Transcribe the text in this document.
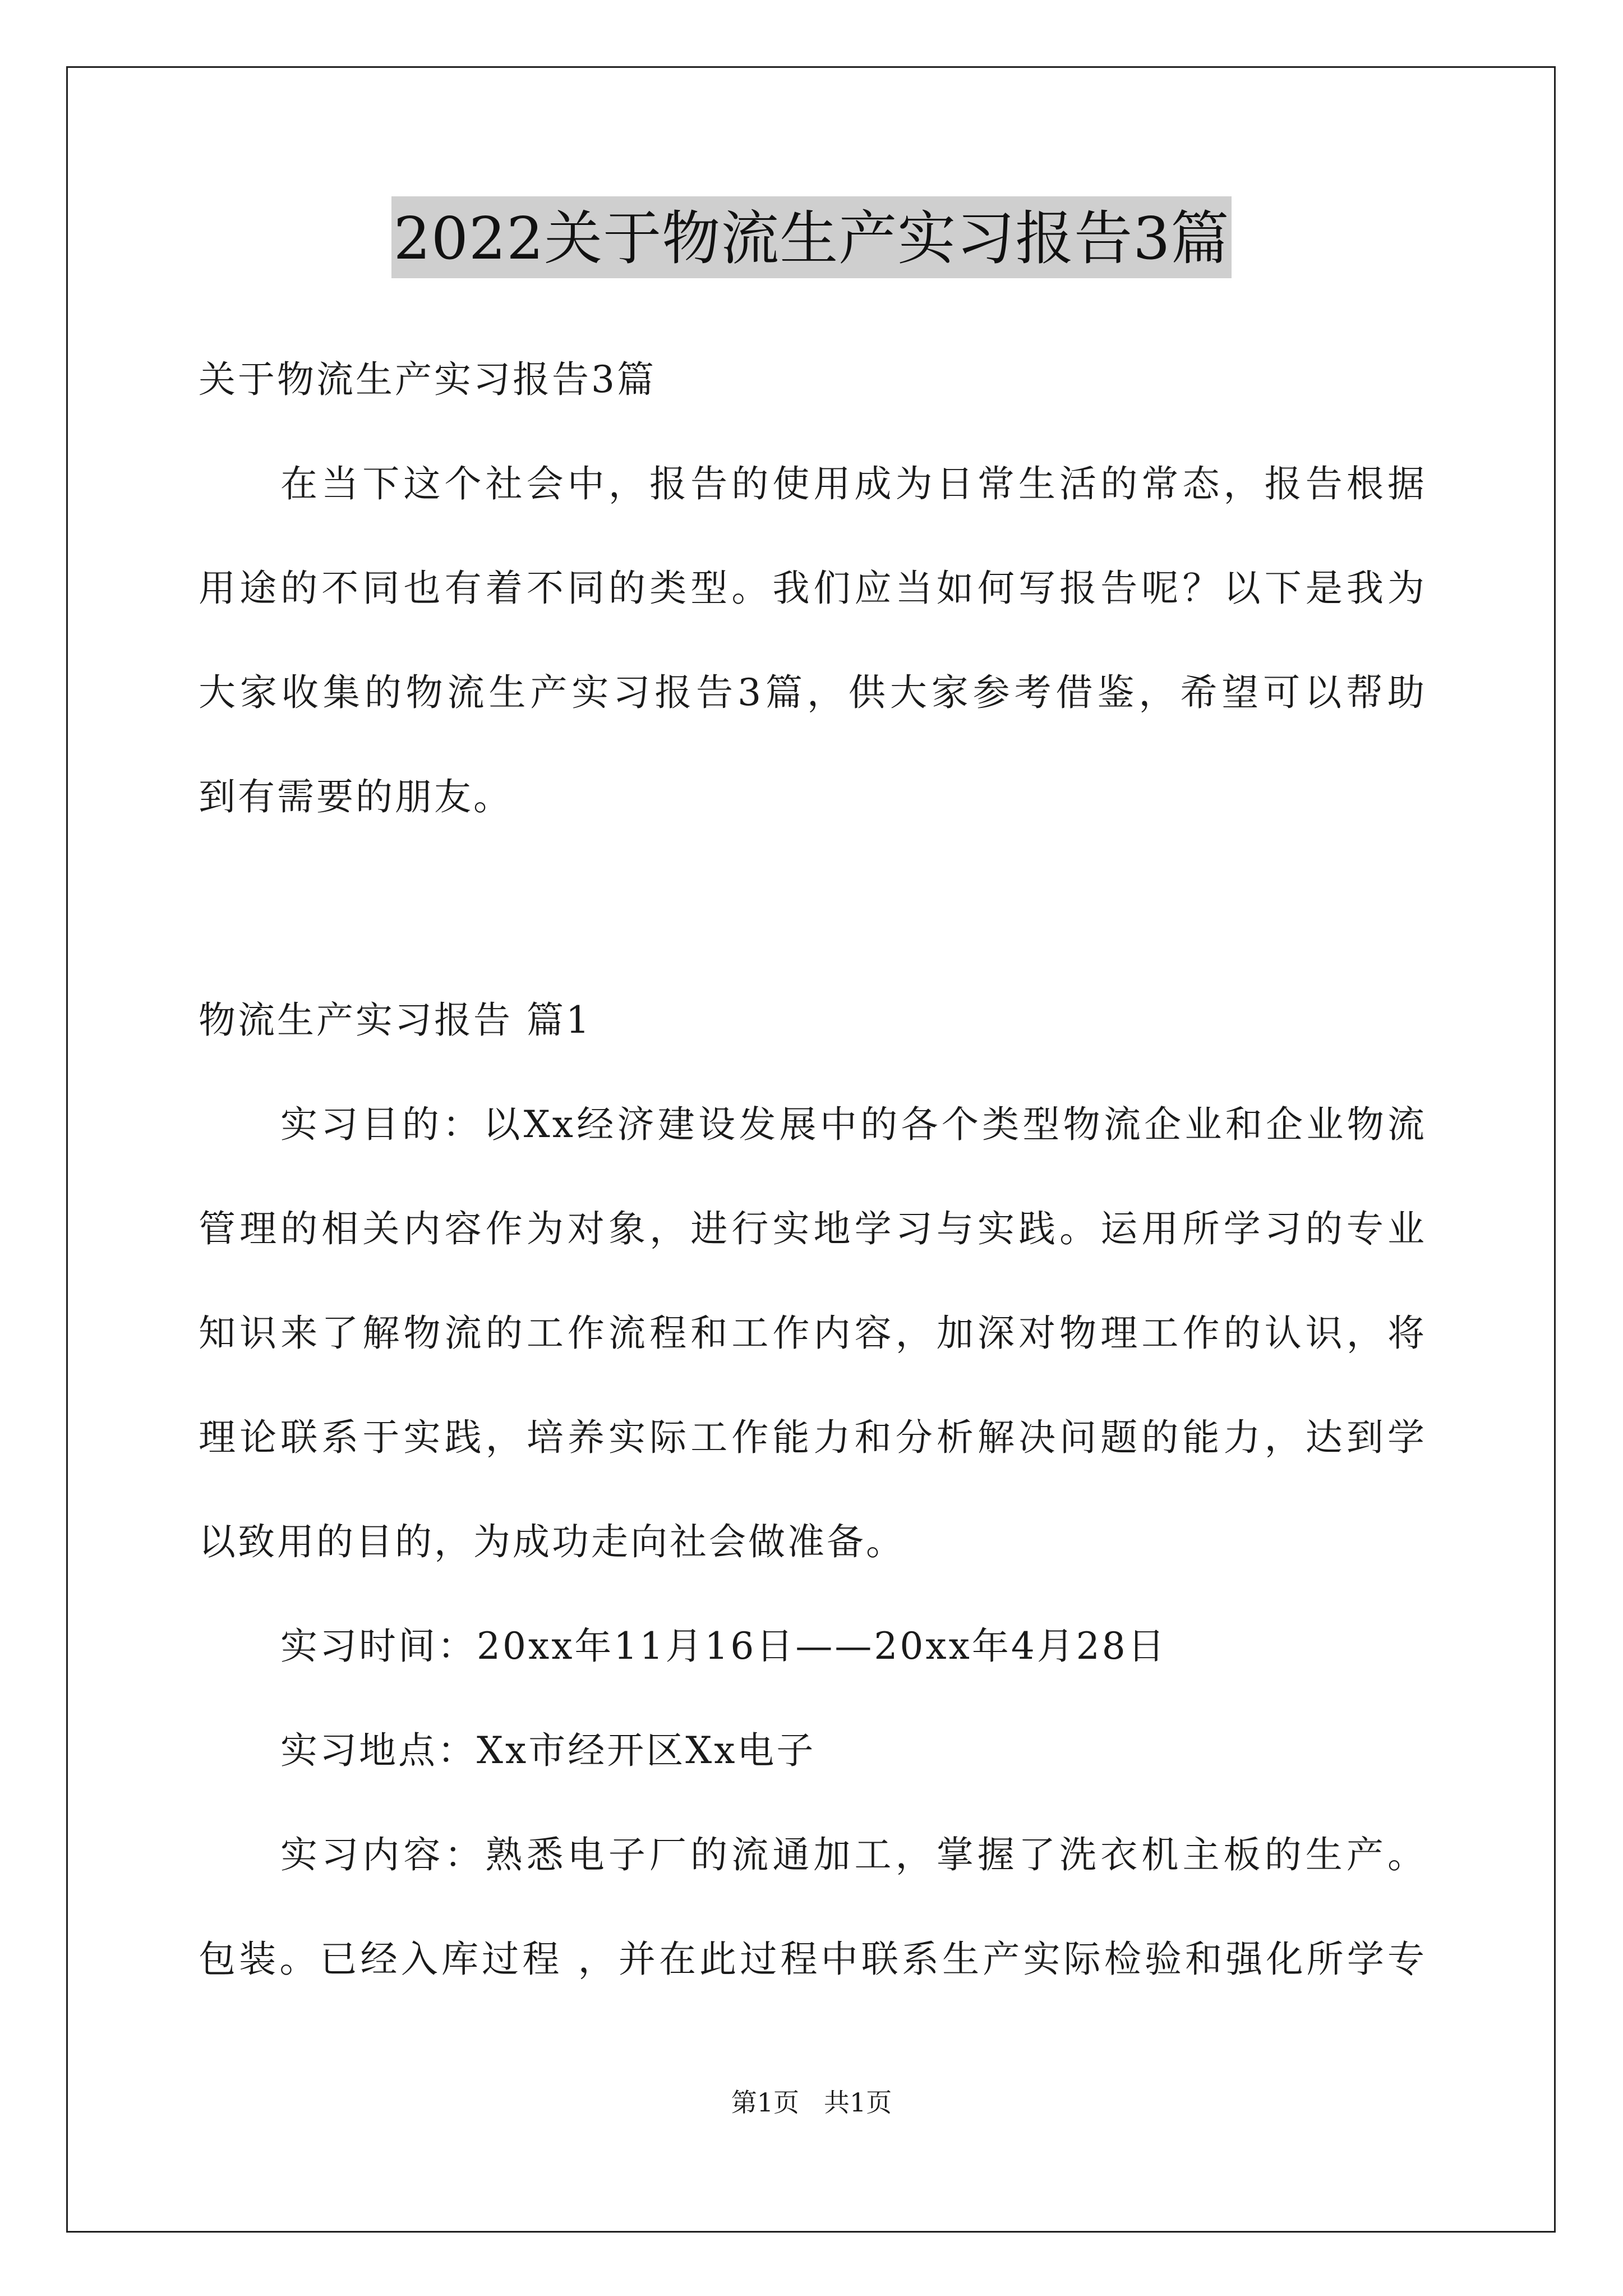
2022关于物流生产实习报告3篇
关于物流生产实习报告3篇
在当下这个社会中，报告的使用成为日常生活的常态，报告根据
用途的不同也有着不同的类型。我们应当如何写报告呢？以下是我为
大家收集的物流生产实习报告3篇，供大家参考借鉴，希望可以帮助
到有需要的朋友。
物流生产实习报告 篇1
实习目的：以Xx经济建设发展中的各个类型物流企业和企业物流
管理的相关内容作为对象，进行实地学习与实践。运用所学习的专业
知识来了解物流的工作流程和工作内容，加深对物理工作的认识，将
理论联系于实践，培养实际工作能力和分析解决问题的能力，达到学
以致用的目的，为成功走向社会做准备。
实习时间：20xx年11月16日——20xx年4月28日
实习地点：Xx市经开区Xx电子
实习内容：熟悉电子厂的流通加工，掌握了洗衣机主板的生产。
包装。已经入库过程 ，并在此过程中联系生产实际检验和强化所学专
第1页 共1页
